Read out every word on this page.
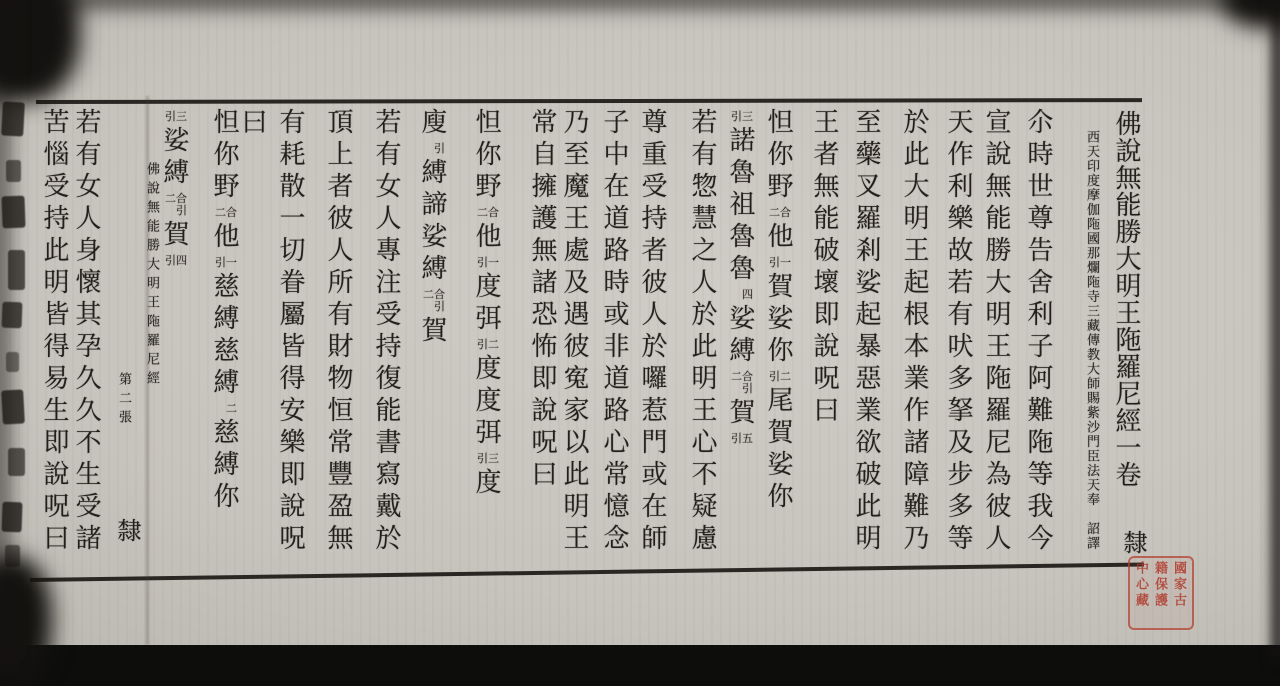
佛說無能勝大明王陁羅尼經一卷
西天印度摩伽陁國那爛陁寺三藏傳教大師賜紫沙門臣法天奉　詔譯 隸
尒時世尊告舍利子阿難陁等我今
宣說無能勝大明王陁羅尼為彼人
天作利樂故若有吠多拏及步多等
於此大明王起根本業作諸障難乃
至藥叉羅剎娑起暴惡業欲破此明
王者無能破壞即說呪曰
怛你野二合他引一賀娑你引二尾賀娑你
引三諾魯祖魯魯四娑縛二合引賀引五
若有惣慧之人於此明王心不疑慮
尊重受持者彼人於囉惹門或在師
子中在道路時或非道路心常憶念
乃至魔王處及遇彼寃家以此明王
常自擁護無諸恐怖即說呪曰
怛你野二合他引一度弭引二度度弭引三度
廋引縛諦娑縛二合引賀
若有女人專注受持復能書寫戴於
頂上者彼人所有財物恒常豐盈無
有耗散一切眷屬皆得安樂即說呪
曰
怛你野二合他引一慈縛慈縛二慈縛你
引三娑縛二合引賀引四
佛說無能勝大明王陁羅尼經
第二張
隸
若有女人身懷其孕久久不生受諸
苦惱受持此明皆得易生即說呪曰
國家古
籍保護
中心藏
